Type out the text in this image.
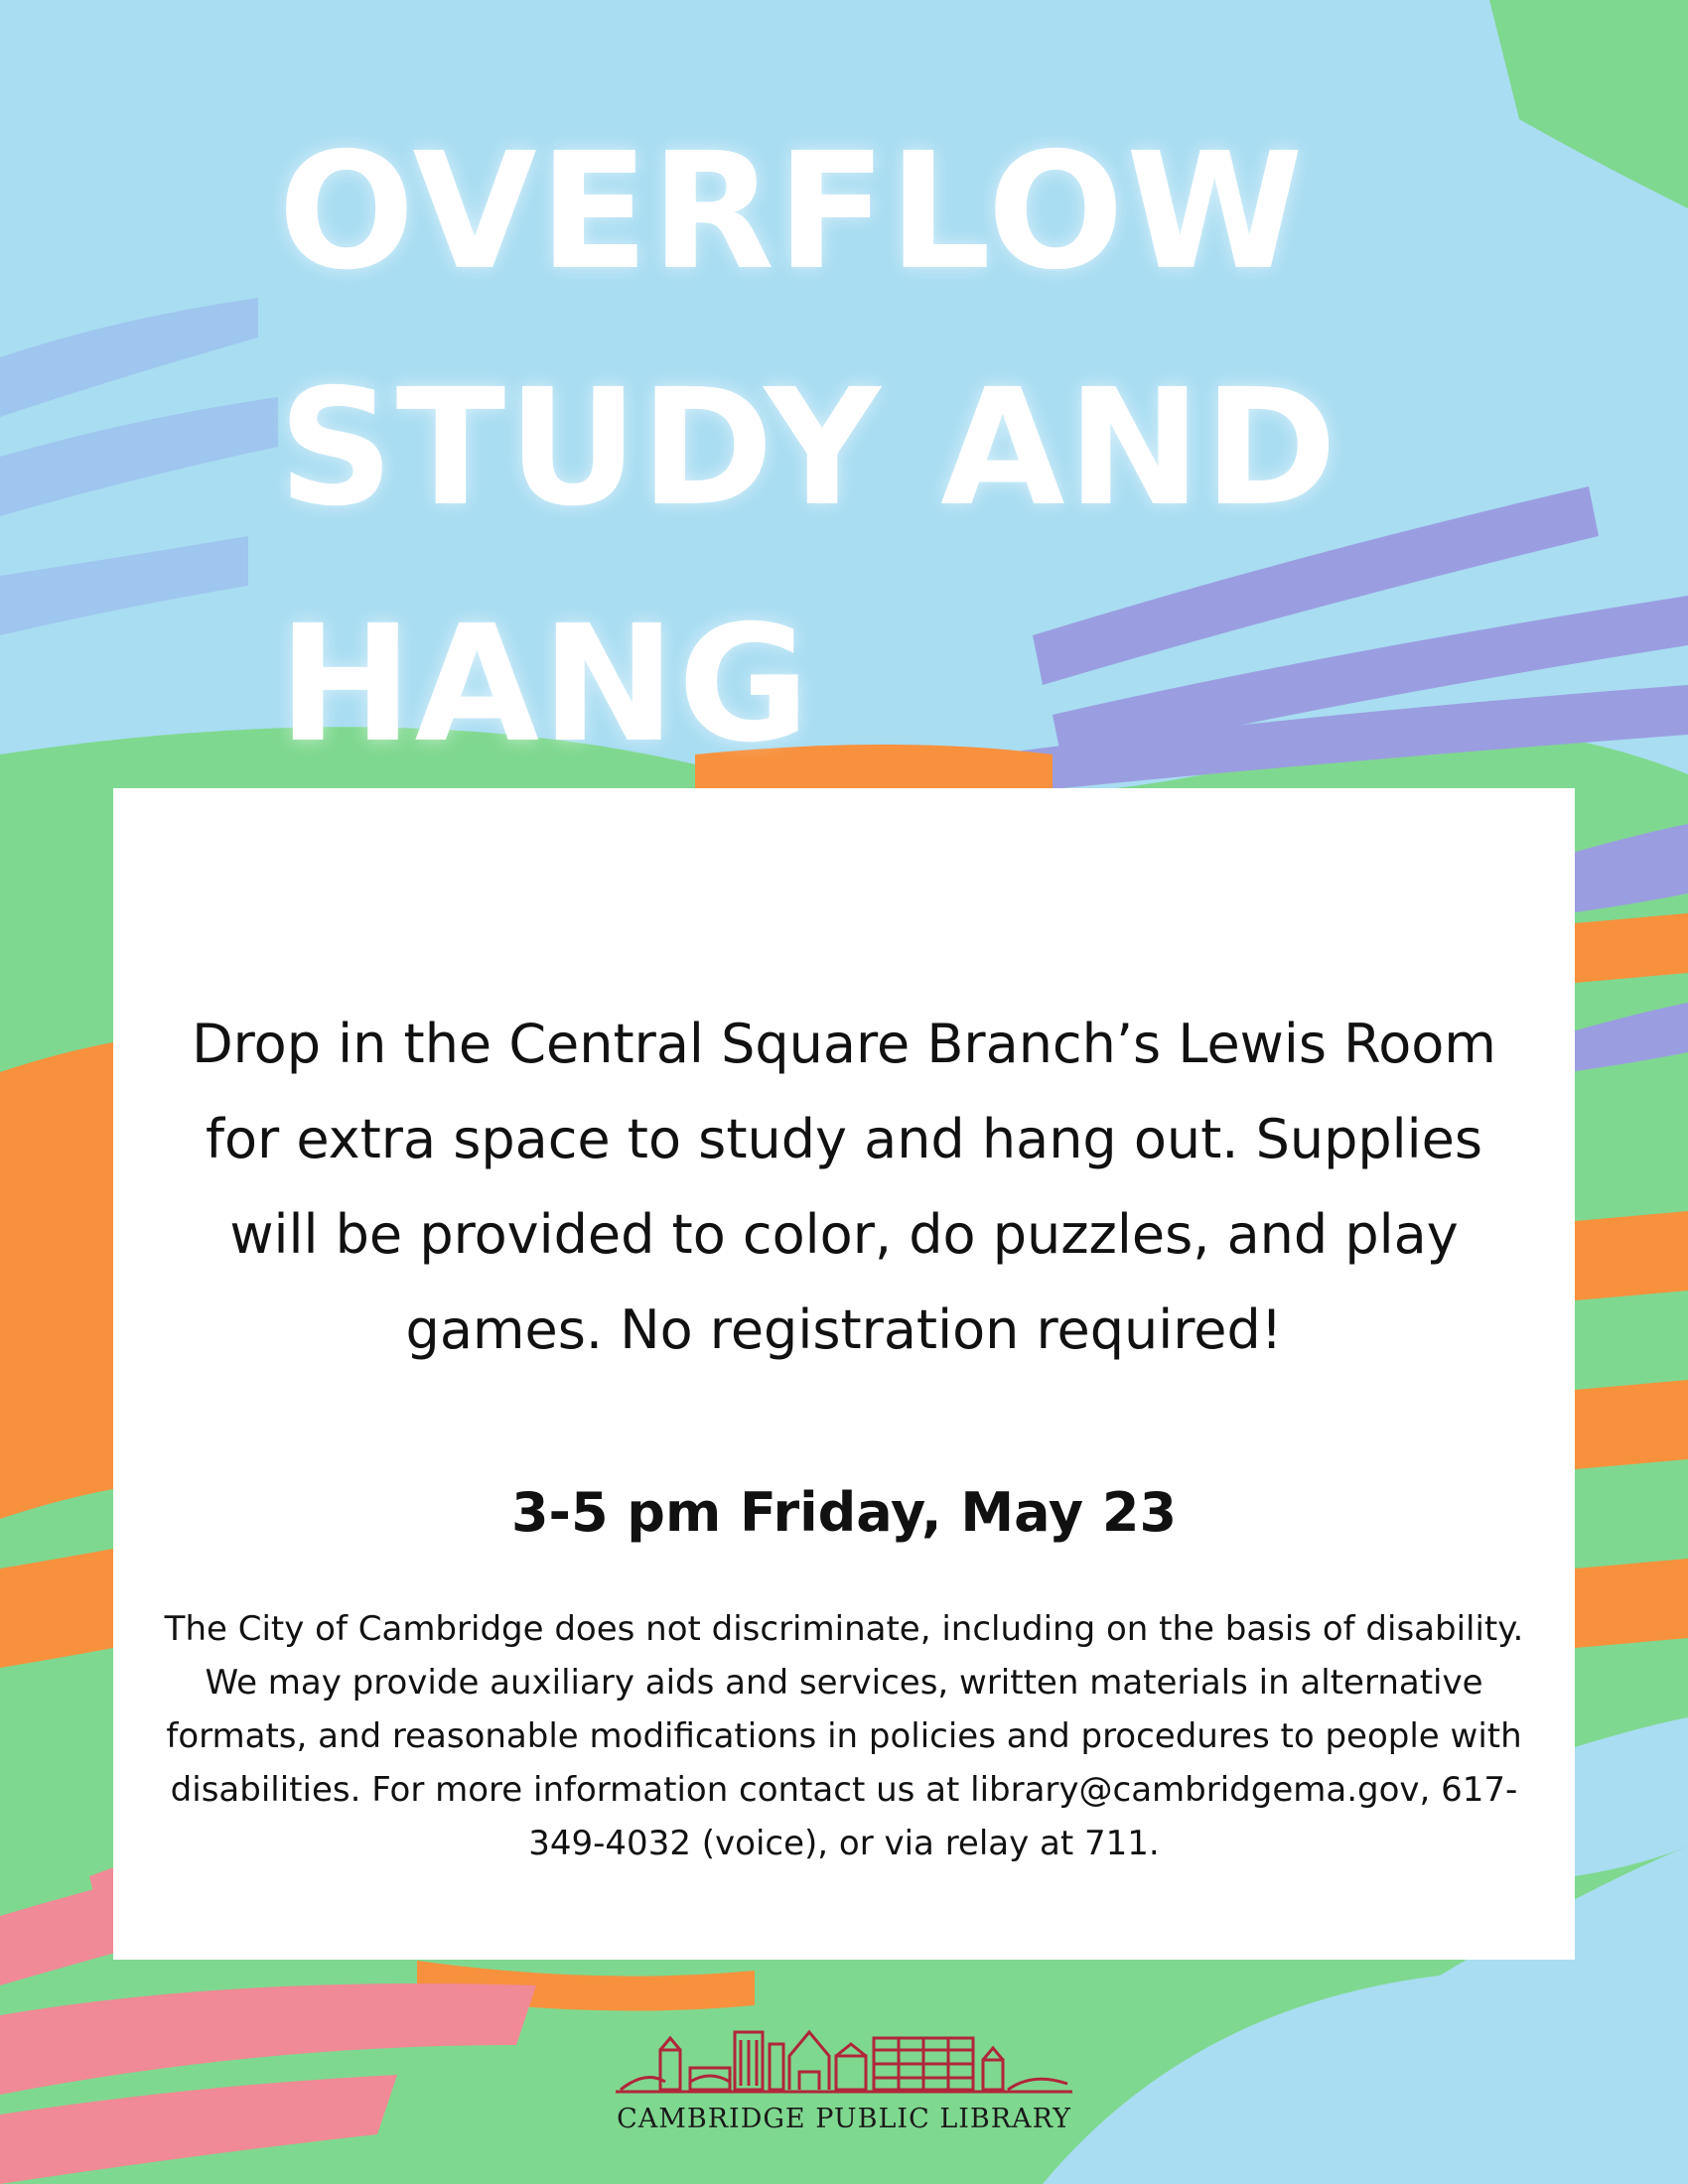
OVERFLOW
STUDY AND
HANG
Drop in the Central Square Branch’s Lewis Room for extra space to study and hang out. Supplies will be provided to color, do puzzles, and play games. No registration required!
3-5 pm Friday, May 23
The City of Cambridge does not discriminate, including on the basis of disability. We may provide auxiliary aids and services, written materials in alternative formats, and reasonable modifications in policies and procedures to people with disabilities. For more information contact us at library@cambridgema.gov, 617-349-4032 (voice), or via relay at 711.
CAMBRIDGE PUBLIC LIBRARY
